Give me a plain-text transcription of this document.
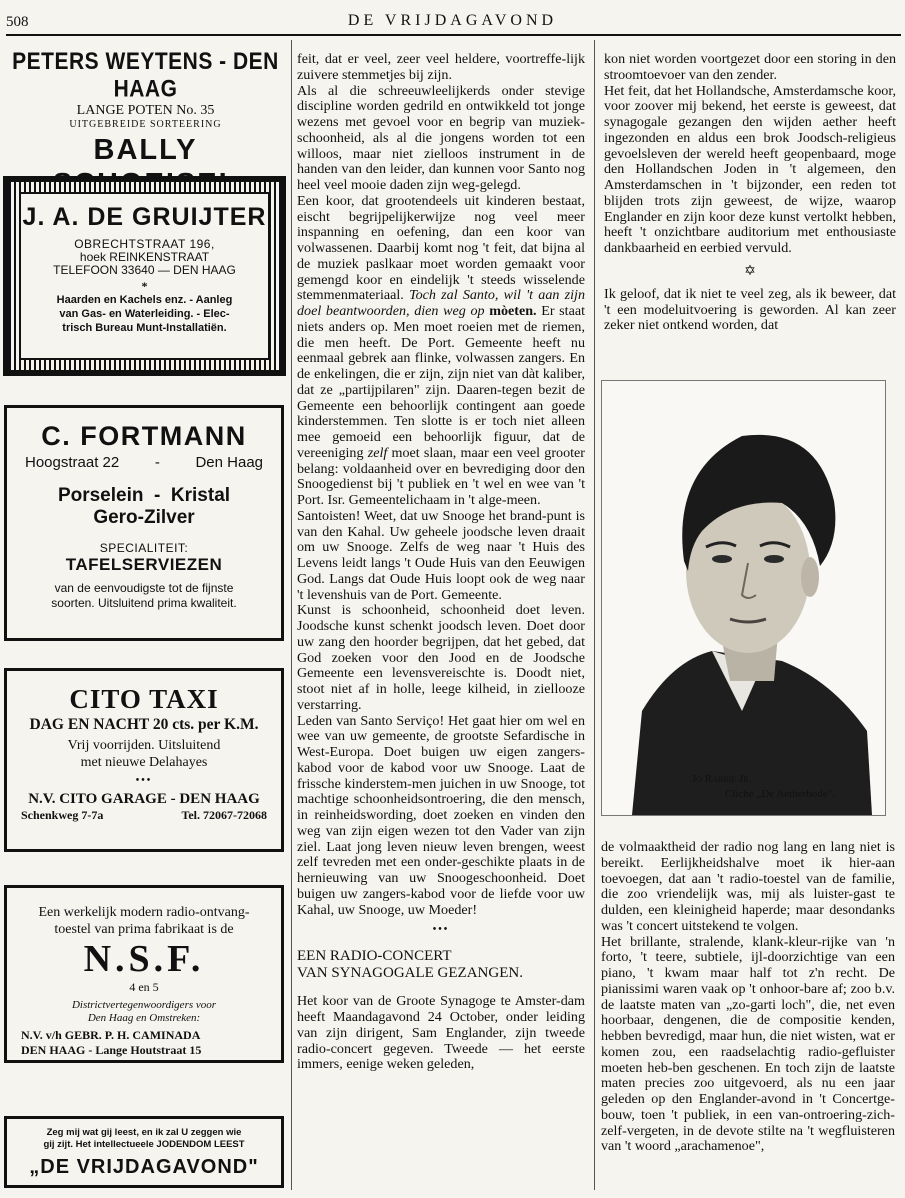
508	DE VRIJDAGAVOND
PETERS WEYTENS - DEN HAAG
LANGE POTEN No. 35
UITGEBREIDE SORTEERING
BALLY
J. A. DE GRUIJTER
OBRECHTSTRAAT 196,
hoek REINKENSTRAAT
TELEFOON 33640 — DEN HAAG
*
Haarden en Kachels enz. - Aanleg
van Gas- en Waterleiding. - Elec-
trisch Bureau Munt-Installatiën.
C. FORTMANN
Hoogstraat 22 - Den Haag
Porselein  -  Kristal
Gero-Zilver
SPECIALITEIT:
TAFELSERVIEZEN
van de eenvoudigste tot de fijnste
soorten. Uitsluitend prima kwaliteit.
CITO TAXI
DAG EN NACHT 20 cts. per K.M.
Vrij voorrijden. Uitsluitend
met nieuwe Delahayes
•••
N.V. CITO GARAGE - DEN HAAG
Schenkweg 7-7a	Tel. 72067-72068
Een werkelijk modern radio-ontvang-
toestel van prima fabrikaat is de
N.S.F.
4 en 5
Districtvertegenwoordigers voor
Den Haag en Omstreken:
N.V. v/h GEBR. P. H. CAMINADA
DEN HAAG - Lange Houtstraat 15
Zeg mij wat gij leest, en ik zal U zeggen wie
gij zijt. Het intellectueele JODENDOM LEEST
„DE VRIJDAGAVOND"

feit, dat er veel, zeer veel heldere, voortreffe-lijk zuivere stemmetjes bij zijn.

Als al die schreeuwleelijkerds onder stevige discipline worden gedrild en ontwikkeld tot jonge wezens met gevoel voor en begrip van muziek-schoonheid, als al die jongens worden tot een willoos, maar niet zielloos instrument in de handen van den leider, dan kunnen voor Santo nog heel veel mooie daden zijn weg-gelegd.

Een koor, dat grootendeels uit kinderen bestaat, eischt begrijpelijkerwijze nog veel meer inspanning en oefening, dan een koor van volwassenen. Daarbij komt nog 't feit, dat bijna al de muziek paslkaar moet worden gemaakt voor gemengd koor en eindelijk 't steeds wisselende stemmenmateriaal. Toch zal Santo, wil 't aan zijn doel beantwoorden, dien weg op mòeten. Er staat niets anders op. Men moet roeien met de riemen, die men heeft. De Port. Gemeente heeft nu eenmaal gebrek aan flinke, volwassen zangers. En de enkelingen, die er zijn, zijn niet van dàt kaliber, dat ze „partijpilaren" zijn. Daaren-tegen bezit de Gemeente een behoorlijk contingent aan goede kinderstemmen. Ten slotte is er toch niet alleen mee gemoeid een behoorlijk figuur, dat de vereeniging zelf moet slaan, maar een veel grooter belang: voldaanheid over en bevrediging door den Snoogedienst bij 't publiek en 't wel en wee van 't Port. Isr. Gemeentelichaam in 't alge-meen.

Santoisten! Weet, dat uw Snooge het brand-punt is van den Kahal. Uw geheele joodsche leven draait om uw Snooge. Zelfs de weg naar 't Huis des Levens leidt langs 't Oude Huis van den Eeuwigen God. Langs dat Oude Huis loopt ook de weg naar 't levenshuis van de Port. Gemeente.

Kunst is schoonheid, schoonheid doet leven. Joodsche kunst schenkt joodsch leven. Doet door uw zang den hoorder begrijpen, dat het gebed, dat God zoeken voor den Jood en de Joodsche Gemeente een levensvereischte is. Doodt niet, stoot niet af in holle, leege kilheid, in ziellooze verstarring.

Leden van Santo Serviço! Het gaat hier om wel en wee van uw gemeente, de grootste Sefardische in West-Europa. Doet buigen uw eigen zangers-kabod voor de kabod voor uw Snooge. Laat de frissche kinderstem-men juichen in uw Snooge, tot machtige schoonheidsontroering, die den mensch, in reinheidswording, doet zoeken en vinden den weg van zijn eigen wezen tot den Vader van zijn ziel. Laat jong leven nieuw leven brengen, weest zelf tevreden met een onder-geschikte plaats in de hernieuwing van uw Snoogeschoonheid. Doet buigen uw zangers-kabod voor de liefde voor uw Kahal, uw Snooge, uw Moeder!

•••
EEN RADIO-CONCERT
VAN SYNAGOGALE GEZANGEN.

Het koor van de Groote Synagoge te Amster-dam heeft Maandagavond 24 October, onder leiding van zijn dirigent, Sam Englander, zijn tweede radio-concert gegeven. Tweede — het eerste immers, eenige weken geleden,

kon niet worden voortgezet door een storing in den stroomtoevoer van den zender.

Het feit, dat het Hollandsche, Amsterdamsche koor, voor zoover mij bekend, het eerste is geweest, dat synagogale gezangen den wijden aether heeft ingezonden en aldus een brok Joodsch-religieus gevoelsleven der wereld heeft geopenbaard, moge den Hollandschen Joden in 't algemeen, den Amsterdamschen in 't bijzonder, een reden tot blijden trots zijn geweest, de wijze, waarop Englander en zijn koor deze kunst vertolkt hebben, heeft 't onzichtbare auditorium met enthousiaste dankbaarheid en eerbied vervuld.

✡

Ik geloof, dat ik niet te veel zeg, als ik beweer, dat 't een modeluitvoering is geworden. Al kan zeer zeker niet ontkend worden, dat

Jo Rabbie Jr.
Cliché „De Aetherbode".

de volmaaktheid der radio nog lang en lang niet is bereikt. Eerlijkheidshalve moet ik hier-aan toevoegen, dat aan 't radio-toestel van de familie, die zoo vriendelijk was, mij als luister-gast te dulden, een kleinigheid haperde; maar desondanks was 't concert uitstekend te volgen.

Het brillante, stralende, klank-kleur-rijke van 'n forto, 't teere, subtiele, ijl-doorzichtige van een piano, 't kwam maar half tot z'n recht. De pianissimi waren vaak op 't onhoor-bare af; zoo b.v. de laatste maten van „zo-garti loch", die, net even hoorbaar, dengenen, die de compositie kenden, hebben bevredigd, maar hun, die niet wisten, wat er komen zou, een raadselachtig radio-gefluister moeten heb-ben geschenen. En toch zijn de laatste maten precies zoo uitgevoerd, als nu een jaar geleden op den Englander-avond in 't Concertge-bouw, toen 't publiek, in een van-ontroering-zich-zelf-vergeten, in de devote stilte na 't wegfluisteren van 't woord „arachamenoe",
